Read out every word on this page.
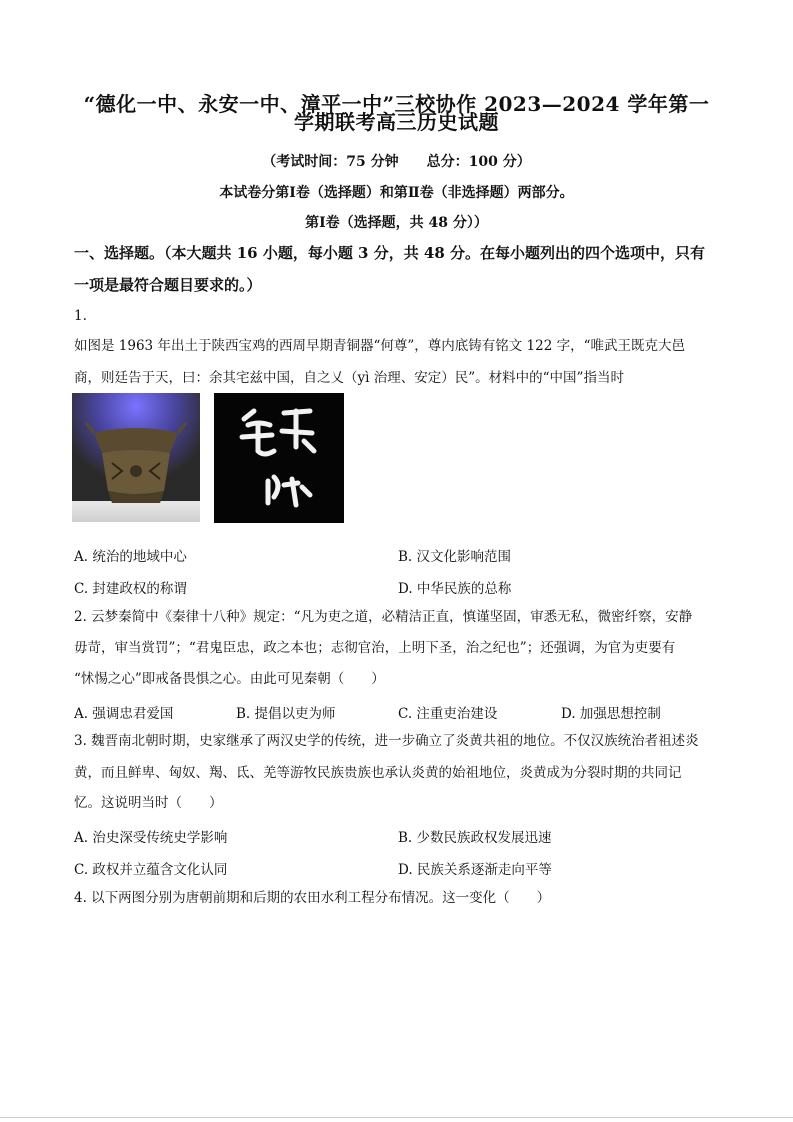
“德化一中、永安一中、漳平一中”三校协作 2023—2024 学年第一
学期联考高三历史试题
（考试时间：75 分钟　　总分：100 分）
本试卷分第Ⅰ卷（选择题）和第Ⅱ卷（非选择题）两部分。
第Ⅰ卷（选择题，共 48 分））
一、选择题。（本大题共 16 小题，每小题 3 分，共 48 分。在每小题列出的四个选项中，只有
一项是最符合题目要求的。）
1.
如图是 1963 年出土于陕西宝鸡的西周早期青铜器“何尊”，尊内底铸有铭文 122 字，“唯武王既克大邑
商，则廷告于天，曰：余其宅兹中国，自之乂（yì 治理、安定）民”。材料中的“中国”指当时
A. 统治的地域中心	B. 汉文化影响范围
C. 封建政权的称谓	D. 中华民族的总称
2. 云梦秦简中《秦律十八种》规定：“凡为吏之道，必精洁正直，慎谨坚固，审悉无私，微密纤察，安静
毋苛，审当赏罚”；“君鬼臣忠，政之本也；志彻官治，上明下圣，治之纪也”；还强调，为官为吏要有
“怵惕之心”即戒备畏惧之心。由此可见秦朝（　　）
A. 强调忠君爱国	B. 提倡以吏为师	C. 注重吏治建设	D. 加强思想控制
3. 魏晋南北朝时期，史家继承了两汉史学的传统，进一步确立了炎黄共祖的地位。不仅汉族统治者祖述炎
黄，而且鲜卑、匈奴、羯、氐、羌等游牧民族贵族也承认炎黄的始祖地位，炎黄成为分裂时期的共同记
忆。这说明当时（　　）
A. 治史深受传统史学影响	B. 少数民族政权发展迅速
C. 政权并立蕴含文化认同	D. 民族关系逐渐走向平等
4. 以下两图分别为唐朝前期和后期的农田水利工程分布情况。这一变化（　　）
